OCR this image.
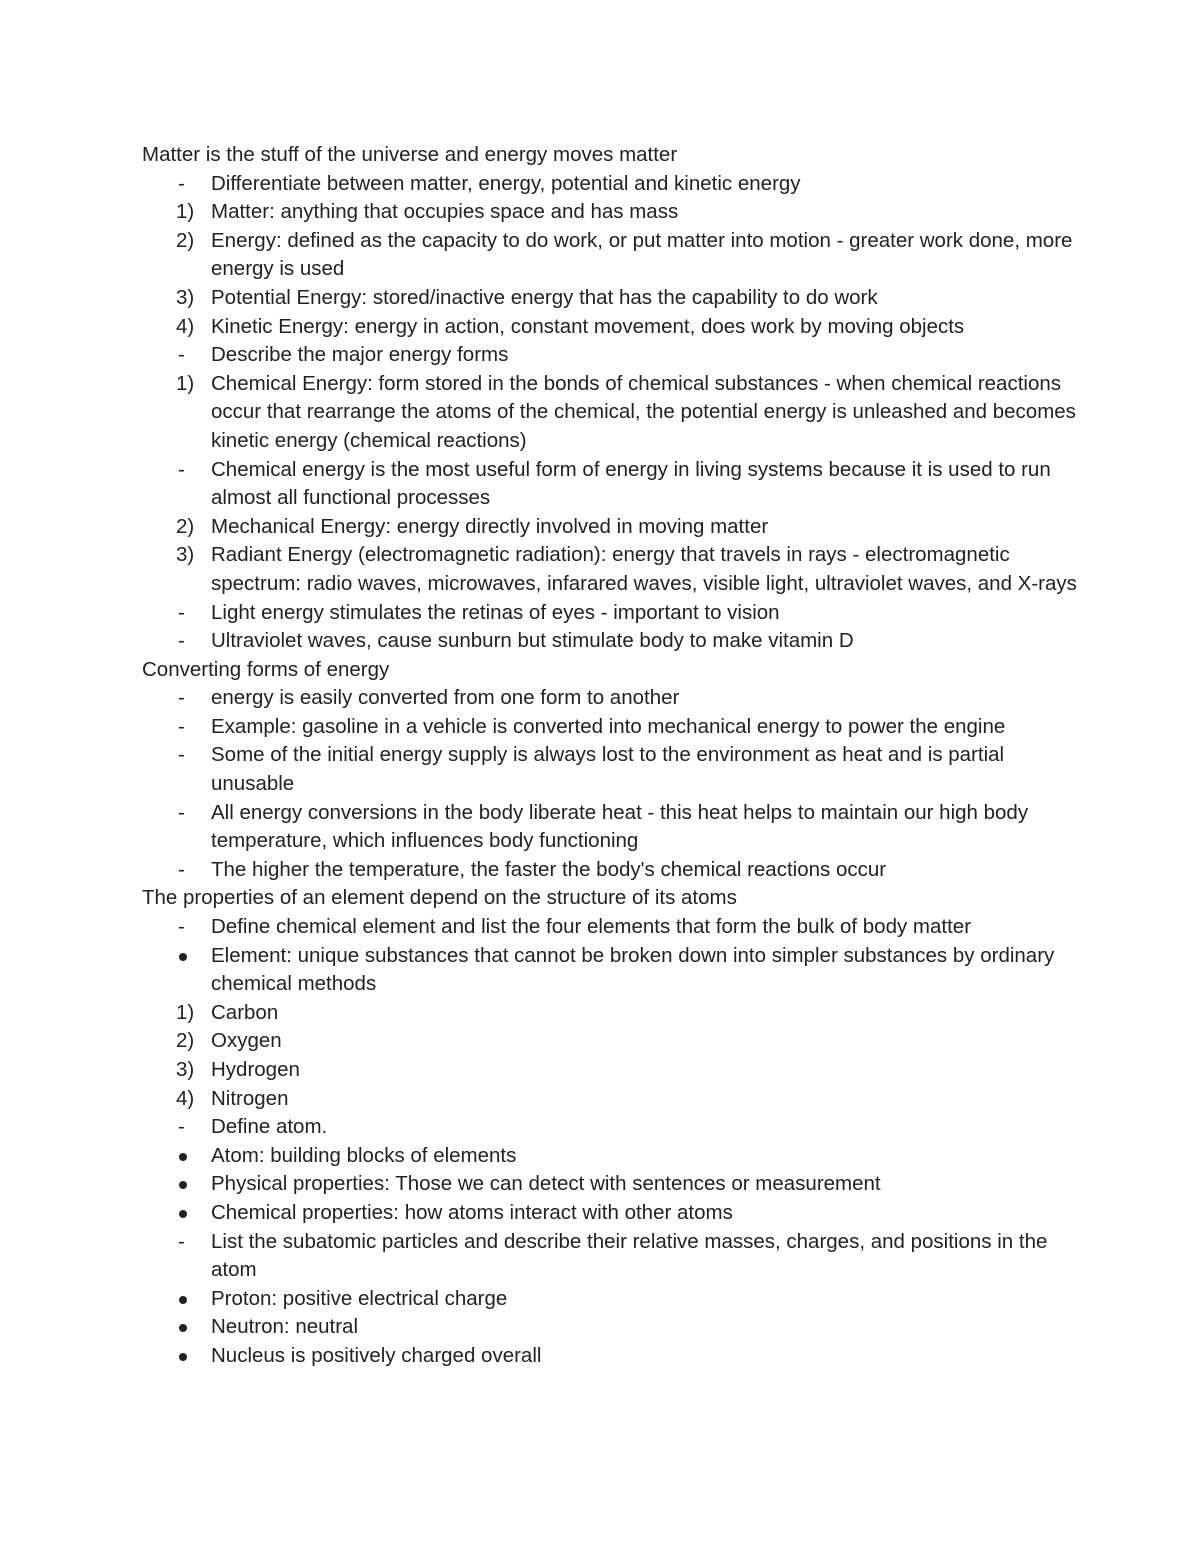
Matter is the stuff of the universe and energy moves matter
-	Differentiate between matter, energy, potential and kinetic energy
1) Matter: anything that occupies space and has mass
2) Energy: defined as the capacity to do work, or put matter into motion - greater work done, more energy is used
3) Potential Energy: stored/inactive energy that has the capability to do work
4) Kinetic Energy: energy in action, constant movement, does work by moving objects
-	Describe the major energy forms
1) Chemical Energy: form stored in the bonds of chemical substances - when chemical reactions occur that rearrange the atoms of the chemical, the potential energy is unleashed and becomes kinetic energy (chemical reactions)
-	Chemical energy is the most useful form of energy in living systems because it is used to run almost all functional processes
2) Mechanical Energy: energy directly involved in moving matter
3) Radiant Energy (electromagnetic radiation): energy that travels in rays - electromagnetic spectrum: radio waves, microwaves, infarared waves, visible light, ultraviolet waves, and X-rays
-	Light energy stimulates the retinas of eyes - important to vision
-	Ultraviolet waves, cause sunburn but stimulate body to make vitamin D
Converting forms of energy
-	energy is easily converted from one form to another
-	Example: gasoline in a vehicle is converted into mechanical energy to power the engine
-	Some of the initial energy supply is always lost to the environment as heat and is partial unusable
-	All energy conversions in the body liberate heat - this heat helps to maintain our high body temperature, which influences body functioning
-	The higher the temperature, the faster the body's chemical reactions occur
The properties of an element depend on the structure of its atoms
-	Define chemical element and list the four elements that form the bulk of body matter
Element: unique substances that cannot be broken down into simpler substances by ordinary chemical methods
1) Carbon
2) Oxygen
3) Hydrogen
4) Nitrogen
-	Define atom.
Atom: building blocks of elements
Physical properties: Those we can detect with sentences or measurement
Chemical properties: how atoms interact with other atoms
-	List the subatomic particles and describe their relative masses, charges, and positions in the atom
Proton: positive electrical charge
Neutron: neutral
Nucleus is positively charged overall
